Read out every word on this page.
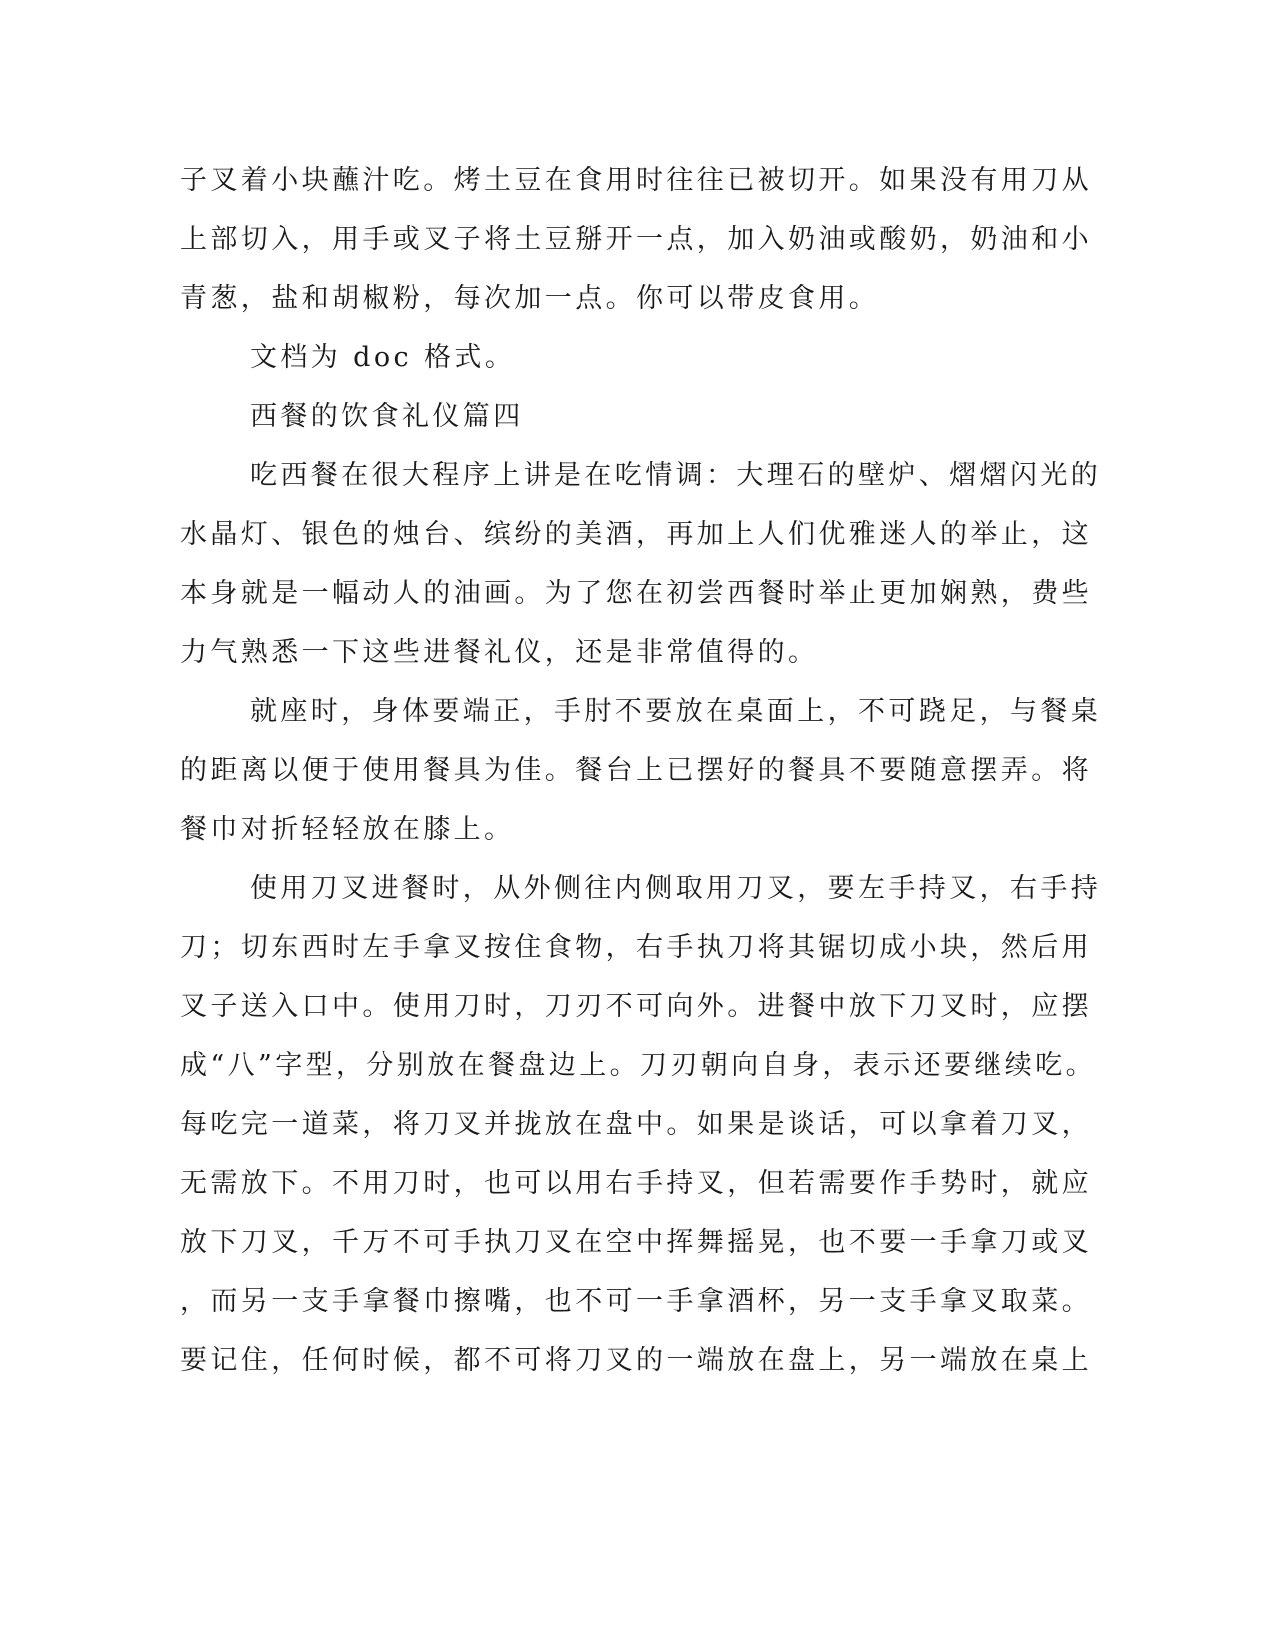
子叉着小块蘸汁吃。烤土豆在食用时往往已被切开。如果没有用刀从
上部切入，用手或叉子将土豆掰开一点，加入奶油或酸奶，奶油和小
青葱，盐和胡椒粉，每次加一点。你可以带皮食用。
文档为 doc 格式。
西餐的饮食礼仪篇四
吃西餐在很大程序上讲是在吃情调：大理石的壁炉、熠熠闪光的
水晶灯、银色的烛台、缤纷的美酒，再加上人们优雅迷人的举止，这
本身就是一幅动人的油画。为了您在初尝西餐时举止更加娴熟，费些
力气熟悉一下这些进餐礼仪，还是非常值得的。
就座时，身体要端正，手肘不要放在桌面上，不可跷足，与餐桌
的距离以便于使用餐具为佳。餐台上已摆好的餐具不要随意摆弄。将
餐巾对折轻轻放在膝上。
使用刀叉进餐时，从外侧往内侧取用刀叉，要左手持叉，右手持
刀；切东西时左手拿叉按住食物，右手执刀将其锯切成小块，然后用
叉子送入口中。使用刀时，刀刃不可向外。进餐中放下刀叉时，应摆
成“八”字型，分别放在餐盘边上。刀刃朝向自身，表示还要继续吃。
每吃完一道菜，将刀叉并拢放在盘中。如果是谈话，可以拿着刀叉，
无需放下。不用刀时，也可以用右手持叉，但若需要作手势时，就应
放下刀叉，千万不可手执刀叉在空中挥舞摇晃，也不要一手拿刀或叉
，而另一支手拿餐巾擦嘴，也不可一手拿酒杯，另一支手拿叉取菜。
要记住，任何时候，都不可将刀叉的一端放在盘上，另一端放在桌上
